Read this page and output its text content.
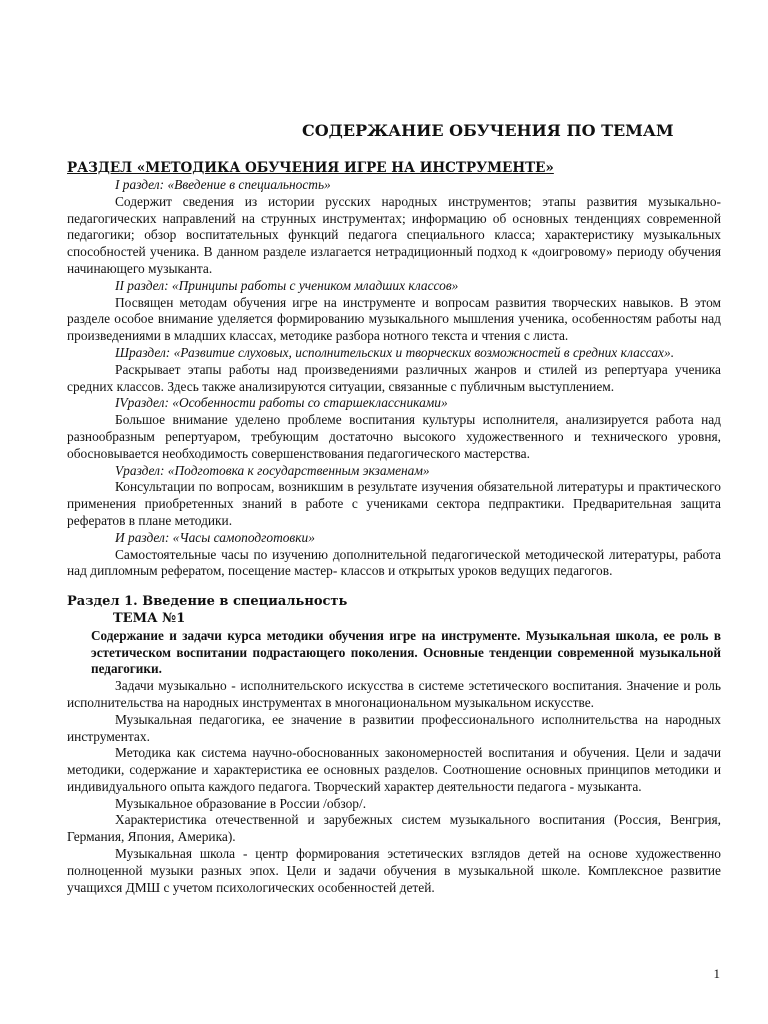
СОДЕРЖАНИЕ ОБУЧЕНИЯ ПО ТЕМАМ
РАЗДЕЛ «МЕТОДИКА ОБУЧЕНИЯ ИГРЕ НА ИНСТРУМЕНТЕ»
I раздел: «Введение в специальность»
Содержит сведения из истории русских народных инструментов; этапы развития музыкально-педагогических направлений на струнных инструментах; информацию об основных тенденциях современной педагогики; обзор воспитательных функций педагога специального класса; характеристику музыкальных способностей ученика. В данном разделе излагается нетрадиционный подход к «доигровому» периоду обучения начинающего музыканта.
II раздел: «Принципы работы с учеником младших классов»
Посвящен методам обучения игре на инструменте и вопросам развития творческих навыков. В этом разделе особое внимание уделяется формированию музыкального мышления ученика, особенностям работы над произведениями в младших классах, методике разбора нотного текста и чтения с листа.
Шраздел: «Развитие слуховых, исполнительских и творческих возможностей в средних классах».
Раскрывает этапы работы над произведениями различных жанров и стилей из репертуара ученика средних классов. Здесь также анализируются ситуации, связанные с публичным выступлением.
IVраздел: «Особенности работы со старшеклассниками»
Большое внимание уделено проблеме воспитания культуры исполнителя, анализируется работа над разнообразным репертуаром, требующим достаточно высокого художественного и технического уровня, обосновывается необходимость совершенствования педагогического мастерства.
Vраздел: «Подготовка к государственным экзаменам»
Консультации по вопросам, возникшим в результате изучения обязательной литературы и практического применения приобретенных знаний в работе с учениками сектора педпрактики. Предварительная защита рефератов в плане методики.
И раздел: «Часы самоподготовки»
Самостоятельные часы по изучению дополнительной педагогической методической литературы, работа над дипломным рефератом, посещение мастер- классов и открытых уроков ведущих педагогов.
Раздел 1. Введение в специальность
ТЕМА №1
Содержание и задачи курса методики обучения игре на инструменте. Музыкальная школа, ее роль в эстетическом воспитании подрастающего поколения. Основные тенденции современной музыкальной педагогики.
Задачи музыкально - исполнительского искусства в системе эстетического воспитания. Значение и роль исполнительства на народных инструментах в многонациональном музыкальном искусстве.
Музыкальная педагогика, ее значение в развитии профессионального исполнительства на народных инструментах.
Методика как система научно-обоснованных закономерностей воспитания и обучения. Цели и задачи методики, содержание и характеристика ее основных разделов. Соотношение основных принципов методики и индивидуального опыта каждого педагога. Творческий характер деятельности педагога - музыканта.
Музыкальное образование в России /обзор/.
Характеристика отечественной и зарубежных систем музыкального воспитания (Россия, Венгрия, Германия, Япония, Америка).
Музыкальная школа - центр формирования эстетических взглядов детей на основе художественно полноценной музыки разных эпох. Цели и задачи обучения в музыкальной школе. Комплексное развитие учащихся ДМШ с учетом психологических особенностей детей.
1
